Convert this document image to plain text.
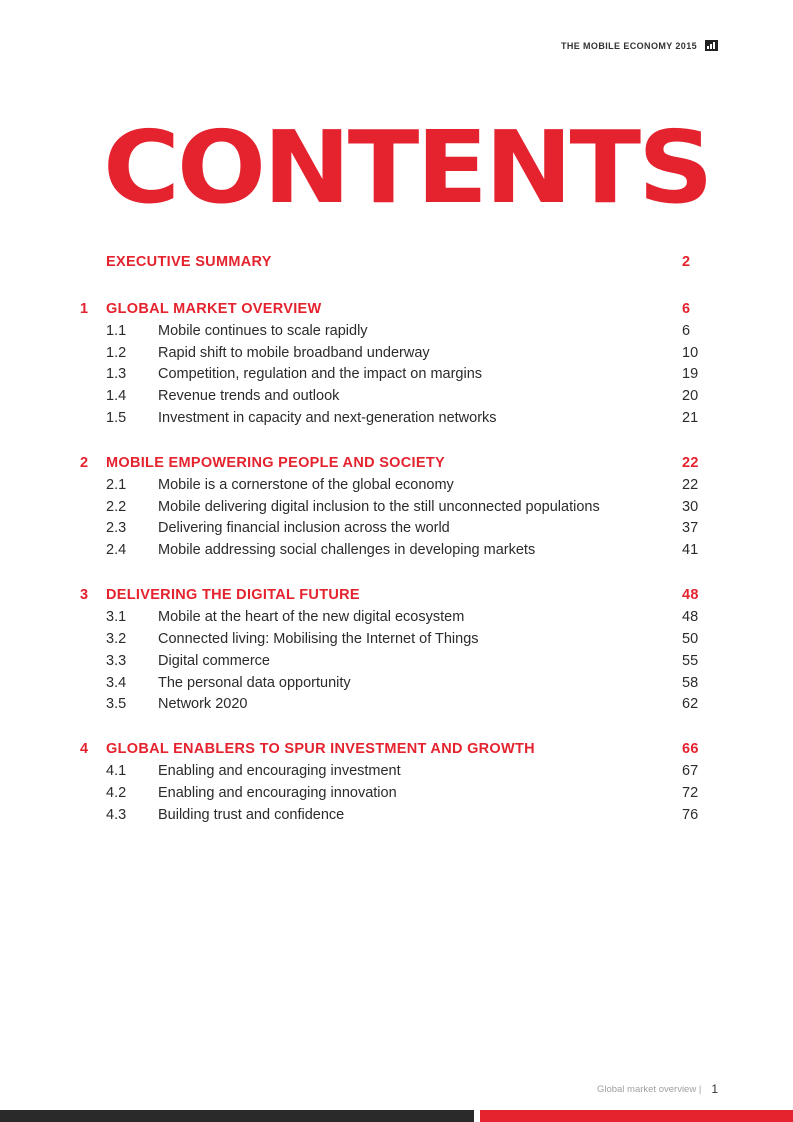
THE MOBILE ECONOMY 2015
CONTENTS
EXECUTIVE SUMMARY	2
1 GLOBAL MARKET OVERVIEW	6
1.1 Mobile continues to scale rapidly	6
1.2 Rapid shift to mobile broadband underway	10
1.3 Competition, regulation and the impact on margins	19
1.4 Revenue trends and outlook	20
1.5 Investment in capacity and next-generation networks	21
2 MOBILE EMPOWERING PEOPLE AND SOCIETY	22
2.1 Mobile is a cornerstone of the global economy	22
2.2 Mobile delivering digital inclusion to the still unconnected populations	30
2.3 Delivering financial inclusion across the world	37
2.4 Mobile addressing social challenges in developing markets	41
3 DELIVERING THE DIGITAL FUTURE	48
3.1 Mobile at the heart of the new digital ecosystem	48
3.2 Connected living: Mobilising the Internet of Things	50
3.3 Digital commerce	55
3.4 The personal data opportunity	58
3.5 Network 2020	62
4 GLOBAL ENABLERS TO SPUR INVESTMENT AND GROWTH	66
4.1 Enabling and encouraging investment	67
4.2 Enabling and encouraging innovation	72
4.3 Building trust and confidence	76
Global market overview | 1
